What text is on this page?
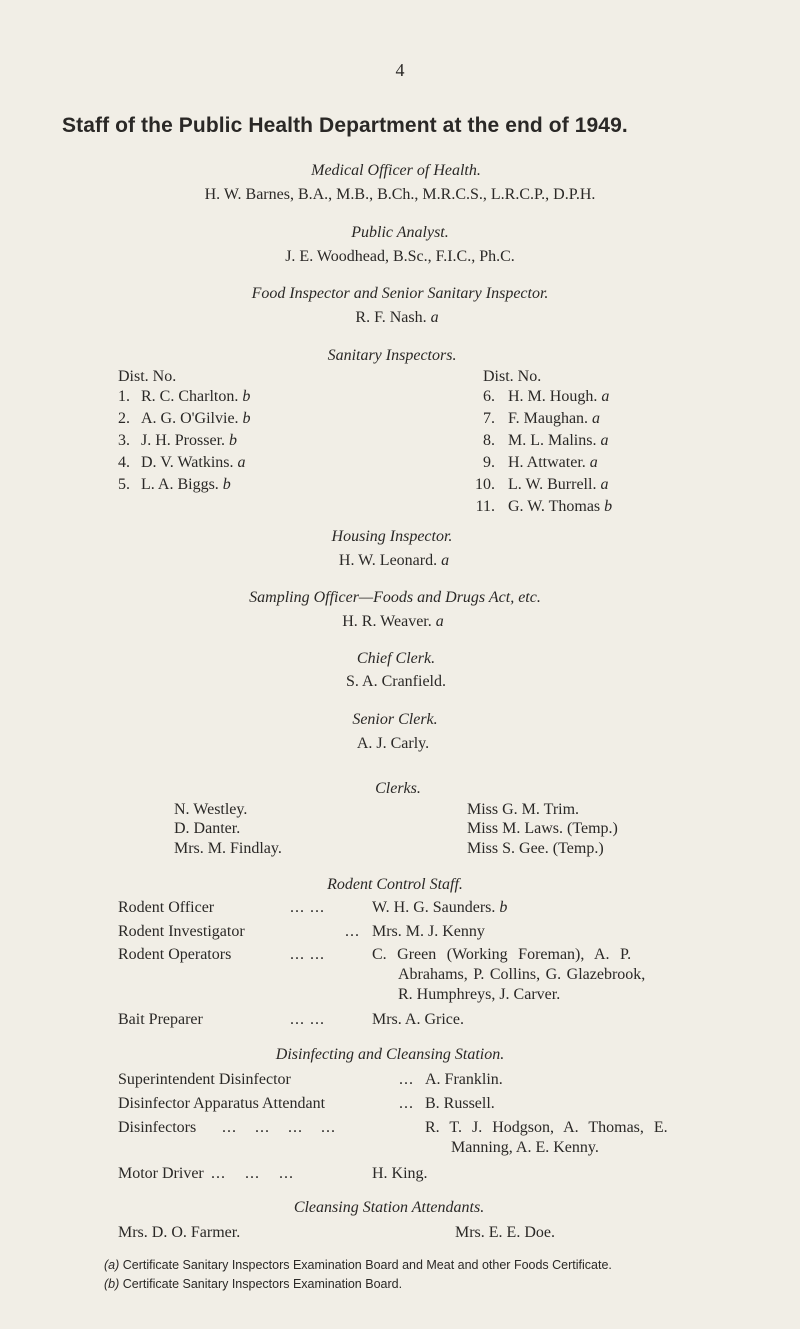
4
Staff of the Public Health Department at the end of 1949.
Medical Officer of Health.
H. W. Barnes, B.A., M.B., B.Ch., M.R.C.S., L.R.C.P., D.P.H.
Public Analyst.
J. E. Woodhead, B.Sc., F.I.C., Ph.C.
Food Inspector and Senior Sanitary Inspector.
R. F. Nash. a
Sanitary Inspectors.
Dist. No.	Dist. No.
1. R. C. Charlton. b
2. A. G. O'Gilvie. b
3. J. H. Prosser. b
4. D. V. Watkins. a
5. L. A. Biggs. b
6. H. M. Hough. a
7. F. Maughan. a
8. M. L. Malins. a
9. H. Attwater. a
10. L. W. Burrell. a
11. G. W. Thomas b
Housing Inspector.
H. W. Leonard. a
Sampling Officer—Foods and Drugs Act, etc.
H. R. Weaver. a
Chief Clerk.
S. A. Cranfield.
Senior Clerk.
A. J. Carly.
Clerks.
N. Westley.
D. Danter.
Mrs. M. Findlay.
Miss G. M. Trim.
Miss M. Laws. (Temp.)
Miss S. Gee. (Temp.)
Rodent Control Staff.
Rodent Officer	... ...	W. H. G. Saunders. b
Rodent Investigator	... Mrs. M. J. Kenny
Rodent Operators	... ...	C. Green (Working Foreman), A. P.
Abrahams, P. Collins, G. Glazebrook,
R. Humphreys, J. Carver.
Bait Preparer	... ...	Mrs. A. Grice.
Disinfecting and Cleansing Station.
Superintendent Disinfector	... A. Franklin.
Disinfector Apparatus Attendant	... B. Russell.
Disinfectors ... ... ... ...	R. T. J. Hodgson, A. Thomas, E.
Manning, A. E. Kenny.
Motor Driver ... ... ...	H. King.
Cleansing Station Attendants.
Mrs. D. O. Farmer.	Mrs. E. E. Doe.
(a) Certificate Sanitary Inspectors Examination Board and Meat and other Foods Certificate.
(b) Certificate Sanitary Inspectors Examination Board.
